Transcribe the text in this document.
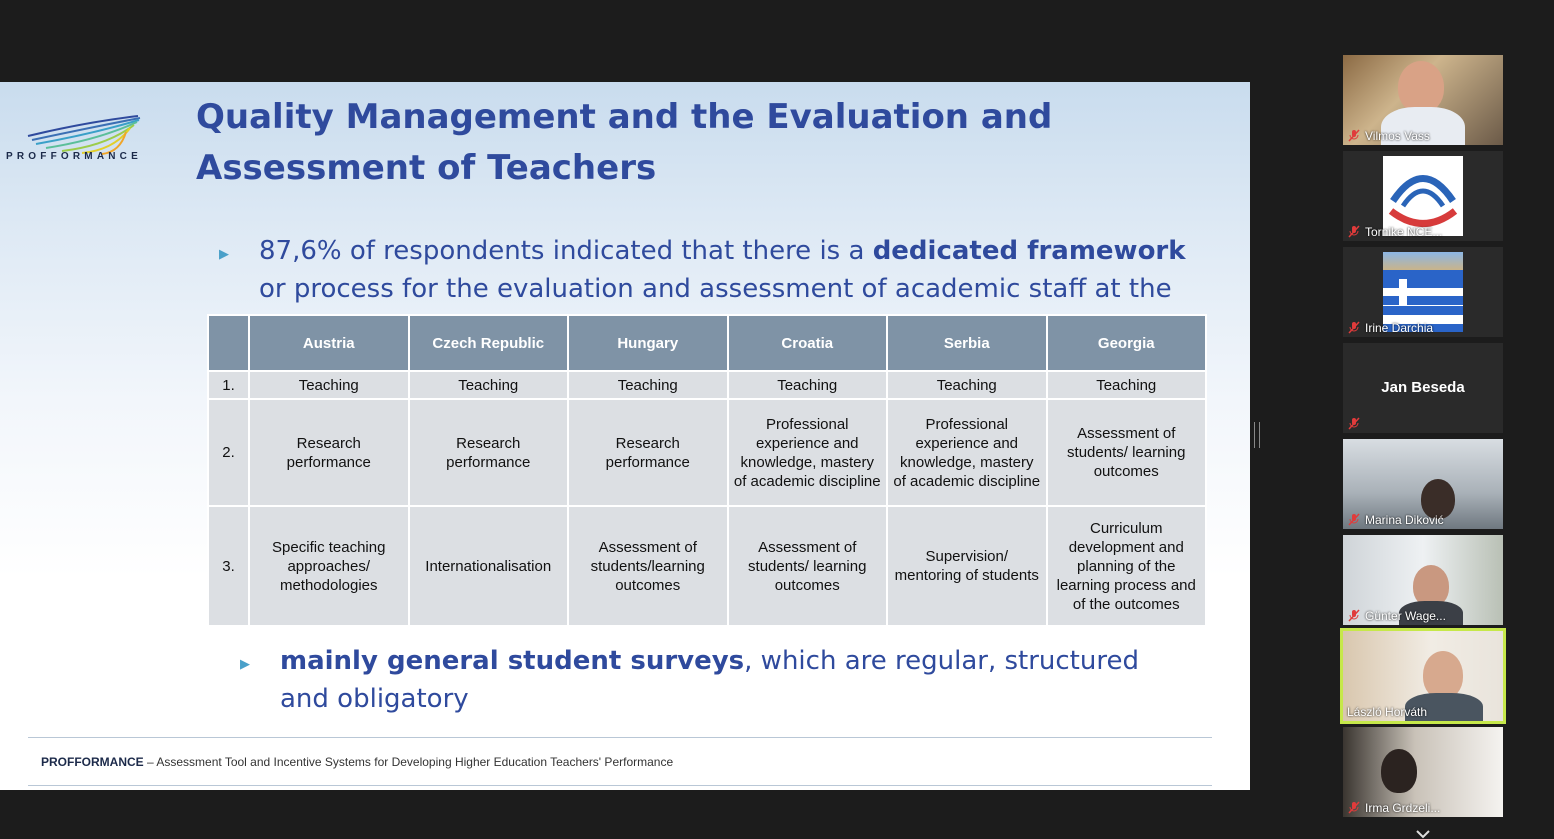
PROFFORMANCE
Quality Management and the Evaluation and Assessment of Teachers
▶ 87,6% of respondents indicated that there is a dedicated framework or process for the evaluation and assessment of academic staff at the
	Austria	Czech Republic	Hungary	Croatia	Serbia	Georgia
1.	Teaching	Teaching	Teaching	Teaching	Teaching	Teaching
2.	Research performance	Research performance	Research performance	Professional experience and knowledge, mastery of academic discipline	Professional experience and knowledge, mastery of academic discipline	Assessment of students/ learning outcomes
3.	Specific teaching approaches/ methodologies	Internationalisation	Assessment of students/learning outcomes	Assessment of students/ learning outcomes	Supervision/ mentoring of students	Curriculum development and planning of the learning process and of the outcomes
▶ mainly general student surveys, which are regular, structured and obligatory
PROFFORMANCE – Assessment Tool and Incentive Systems for Developing Higher Education Teachers' Performance
Vilmos Vass
Tornike NCE...
Irine Darchia
Jan Beseda
Marina Diković
Günter Wage...
László Horváth
Irma Grdzeli...
